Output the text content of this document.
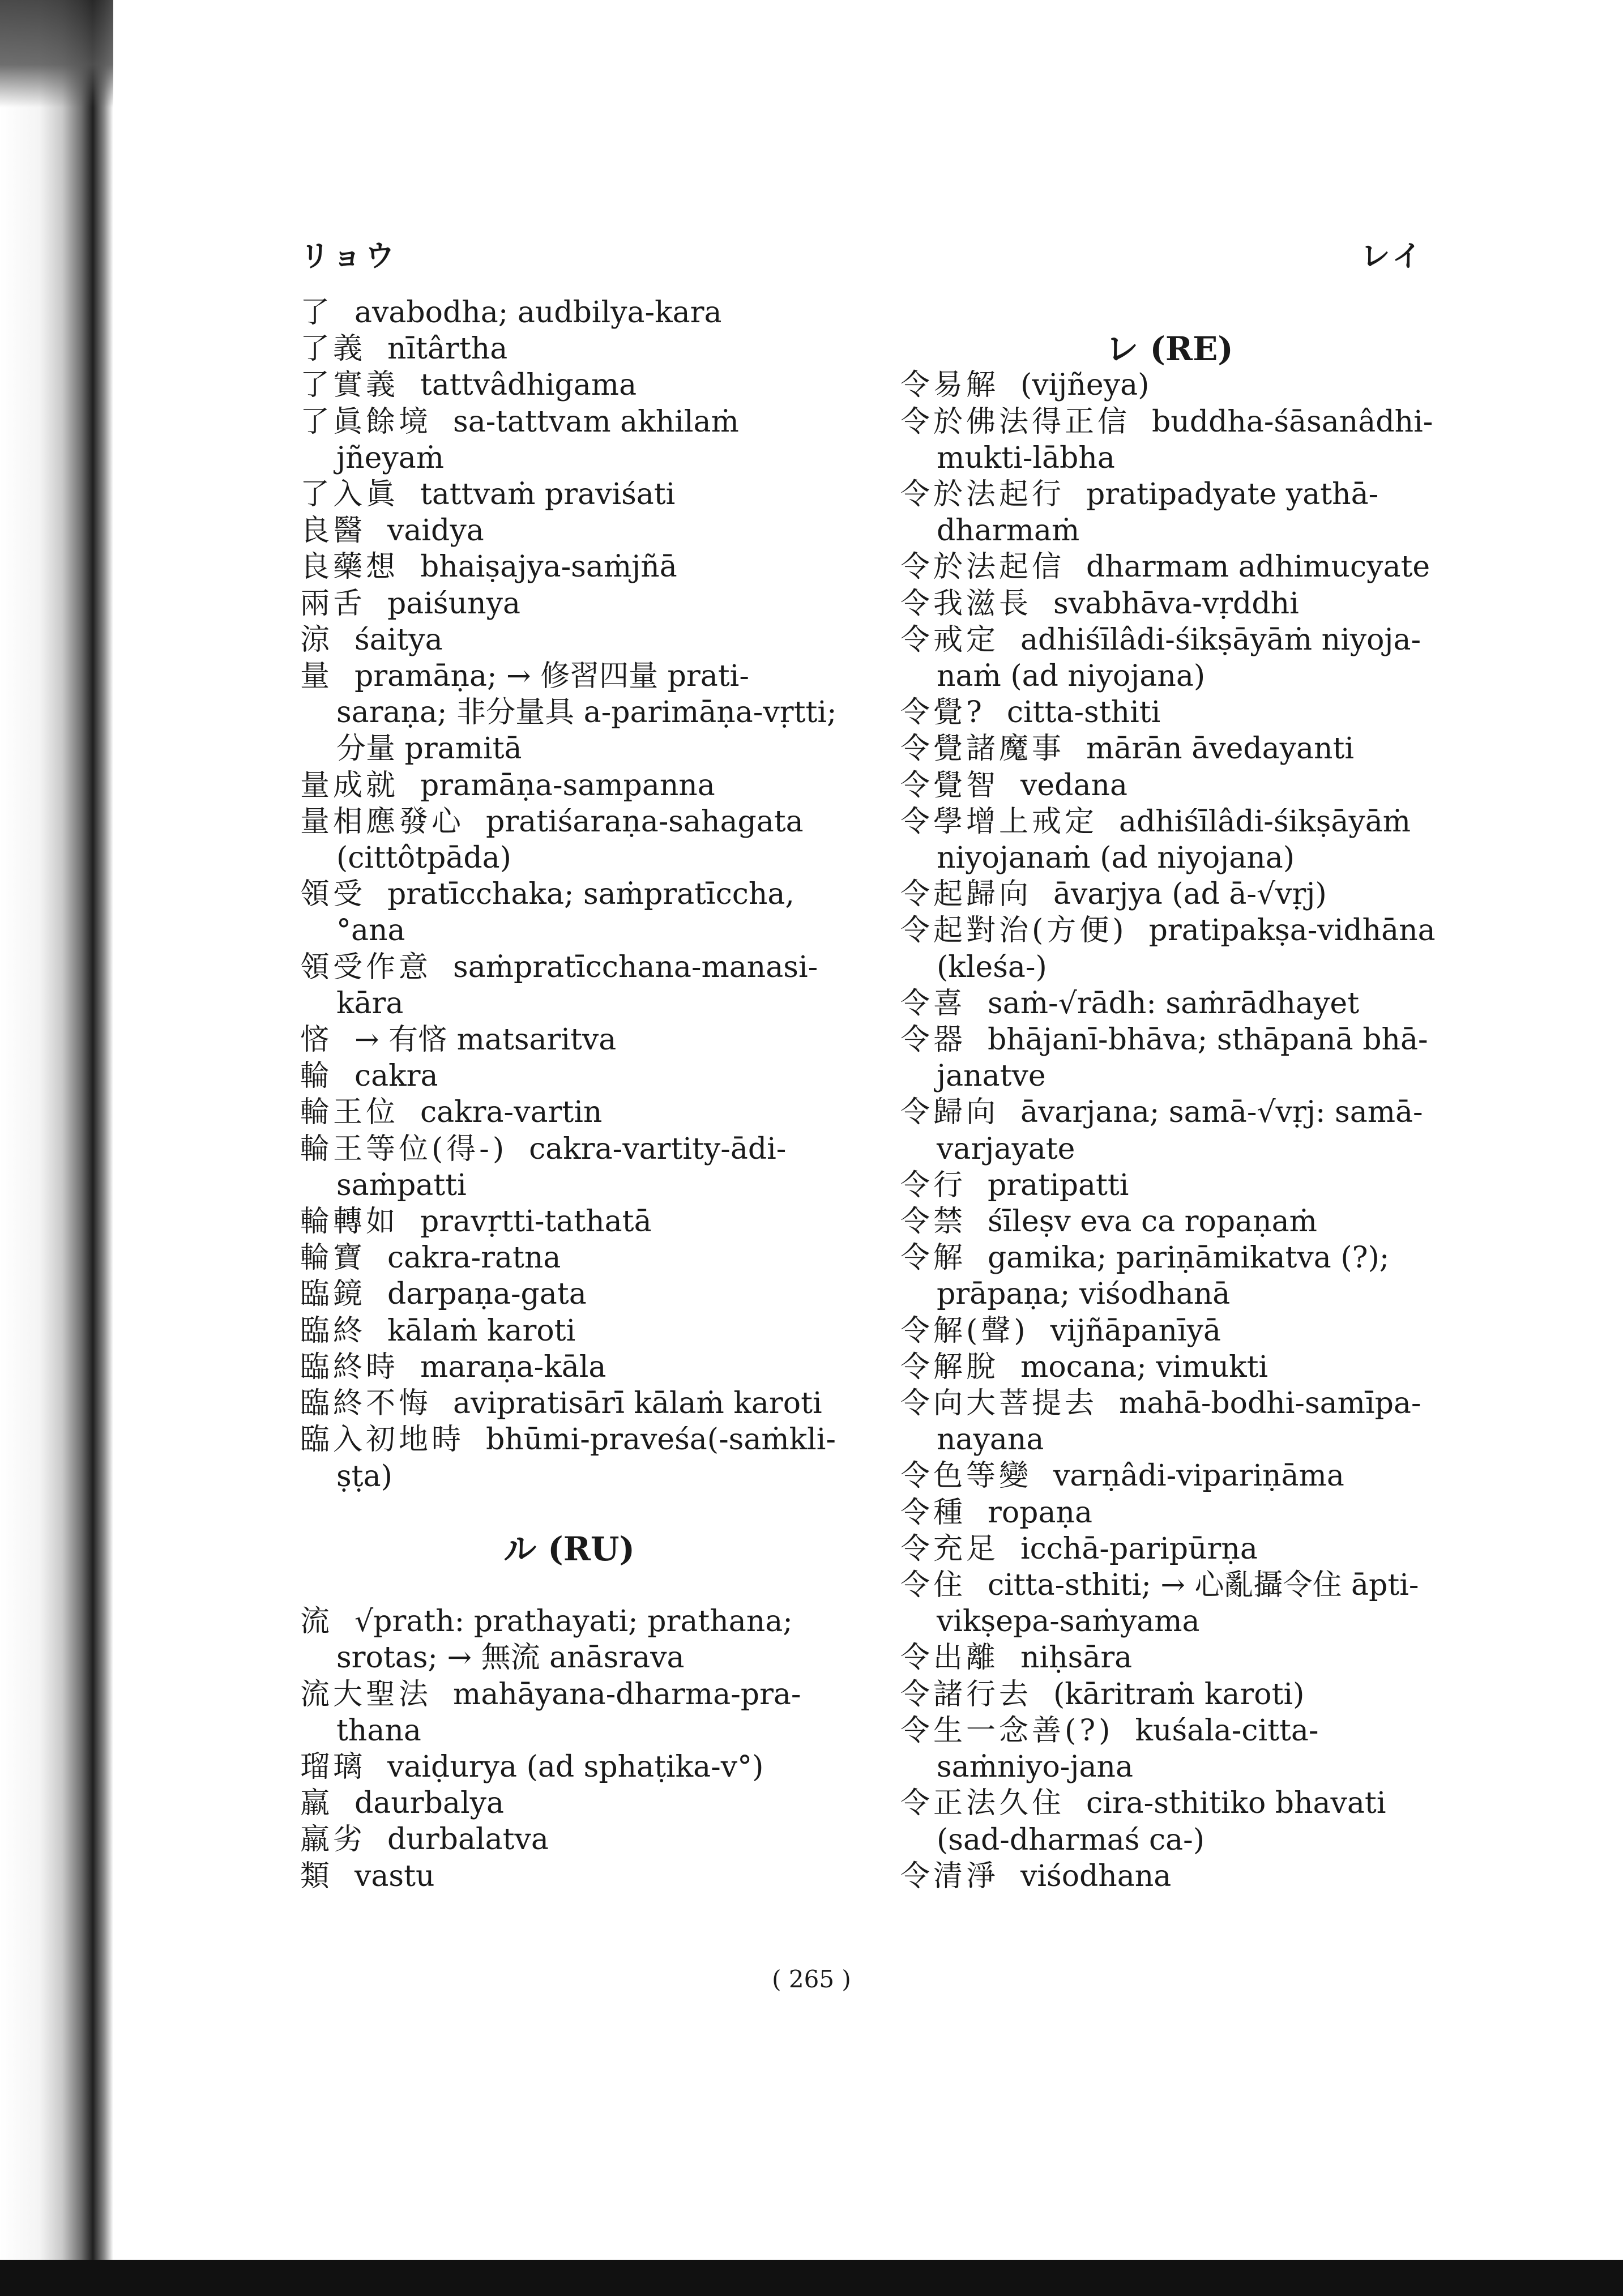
リョウ	レイ
了 avabodha; audbilya-kara
了義 nītârtha
了實義 tattvâdhigama
了眞餘境 sa-tattvam akhilaṁ jñeyaṁ
了入眞 tattvaṁ praviśati
良醫 vaidya
良藥想 bhaiṣajya-saṁjñā
兩舌 paiśunya
涼 śaitya
量 pramāṇa; → 修習四量 prati-saraṇa; 非分量具 a-parimāṇa-vṛtti; 分量 pramitā
量成就 pramāṇa-sampanna
量相應發心 pratiśaraṇa-sahagata (cittôtpāda)
領受 pratīcchaka; saṁpratīccha, °ana
領受作意 saṁpratīcchana-manasi-kāra
悋 → 有悋 matsaritva
輪 cakra
輪王位 cakra-vartin
輪王等位(得-) cakra-vartity-ādi-saṁpatti
輪轉如 pravṛtti-tathatā
輪寶 cakra-ratna
臨鏡 darpaṇa-gata
臨終 kālaṁ karoti
臨終時 maraṇa-kāla
臨終不悔 avipratisārī kālaṁ karoti
臨入初地時 bhūmi-praveśa(-saṁkli-ṣṭa)
ル (RU)
流 √prath: prathayati; prathana; srotas; → 無流 anāsrava
流大聖法 mahāyana-dharma-pra-thana
瑠璃 vaiḍurya (ad sphaṭika-v°)
羸 daurbalya
羸劣 durbalatva
類 vastu
レ (RE)
令易解 (vijñeya)
令於佛法得正信 buddha-śāsanâdhi-mukti-lābha
令於法起行 pratipadyate yathā-dharmaṁ
令於法起信 dharmam adhimucyate
令我滋長 svabhāva-vṛddhi
令戒定 adhiśīlâdi-śikṣāyāṁ niyoja-naṁ (ad niyojana)
令覺? citta-sthiti
令覺諸魔事 mārān āvedayanti
令覺智 vedana
令學增上戒定 adhiśīlâdi-śikṣāyāṁ niyojanaṁ (ad niyojana)
令起歸向 āvarjya (ad ā-√vṛj)
令起對治(方便) pratipakṣa-vidhāna (kleśa-)
令喜 saṁ-√rādh: saṁrādhayet
令器 bhājanī-bhāva; sthāpanā bhā-janatve
令歸向 āvarjana; samā-√vṛj: samā-varjayate
令行 pratipatti
令禁 śīleṣv eva ca ropaṇaṁ
令解 gamika; pariṇāmikatva (?); prāpaṇa; viśodhanā
令解(聲) vijñāpanīyā
令解脫 mocana; vimukti
令向大菩提去 mahā-bodhi-samīpa-nayana
令色等變 varṇâdi-vipariṇāma
令種 ropaṇa
令充足 icchā-paripūrṇa
令住 citta-sthiti; → 心亂攝令住 āpti-vikṣepa-saṁyama
令出離 niḥsāra
令諸行去 (kāritraṁ karoti)
令生一念善(?) kuśala-citta-saṁniyo-jana
令正法久住 cira-sthitiko bhavati (sad-dharmaś ca-)
令清淨 viśodhana
( 265 )
